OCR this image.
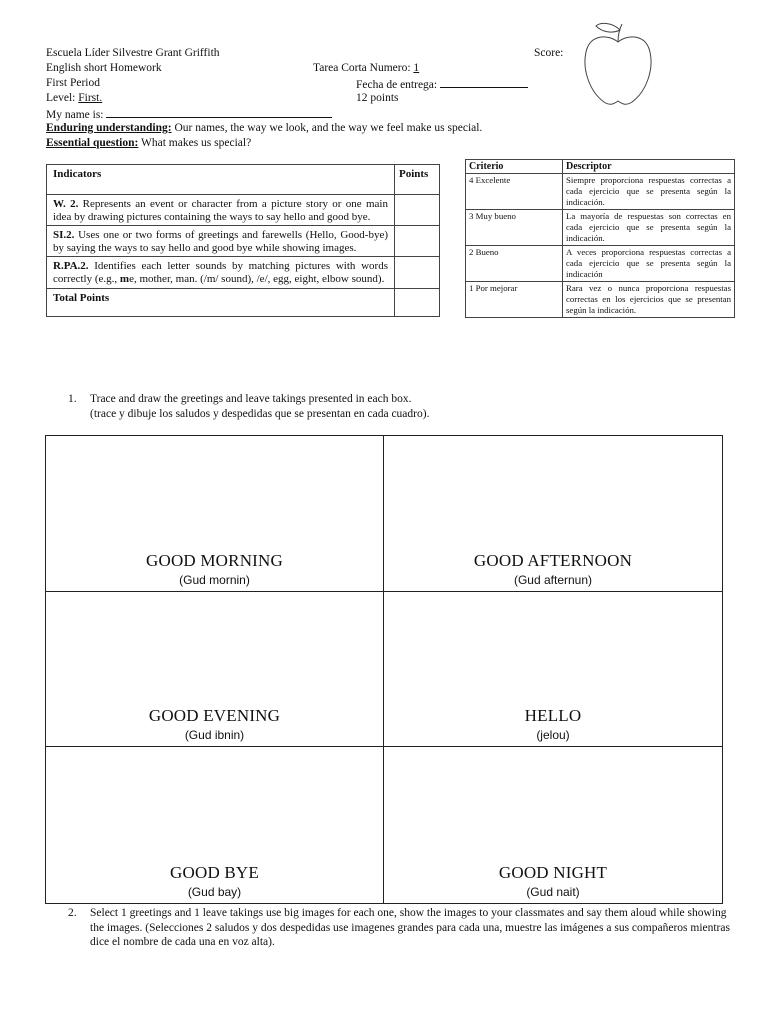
Escuela Líder Silvestre Grant Griffith	Score:
English short Homework	Tarea Corta Numero: 1
First Period	Fecha de entrega:
Level: First.	12 points
My name is:
Enduring understanding: Our names, the way we look, and the way we feel make us special.
Essential question: What makes us special?
Indicators	Points
W. 2. Represents an event or character from a picture story or one main idea by drawing pictures containing the ways to say hello and good bye.	
SI.2. Uses one or two forms of greetings and farewells (Hello, Good-bye) by saying the ways to say hello and good bye while showing images.	
R.PA.2. Identifies each letter sounds by matching pictures with words correctly (e.g., me, mother, man. (/m/ sound), /e/, egg, eight, elbow sound).	
Total Points	
Criterio	Descriptor
4 Excelente	Siempre proporciona respuestas correctas a cada ejercicio que se presenta según la indicación.
3 Muy bueno	La mayoría de respuestas son correctas en cada ejercicio que se presenta según la indicación.
2 Bueno	A veces proporciona respuestas correctas a cada ejercicio que se presenta según la indicación
1 Por mejorar	Rara vez o nunca proporciona respuestas correctas en los ejercicios que se presentan según la indicación.
1. Trace and draw the greetings and leave takings presented in each box.
(trace y dibuje los saludos y despedidas que se presentan en cada cuadro).
GOOD MORNING
(Gud mornin)
GOOD AFTERNOON
(Gud afternun)
GOOD EVENING
(Gud ibnin)
HELLO
(jelou)
GOOD BYE
(Gud bay)
GOOD NIGHT
(Gud nait)
2. Select 1 greetings and 1 leave takings use big images for each one, show the images to your classmates and say them aloud while showing the images. (Selecciones 2 saludos y dos despedidas use imagenes grandes para cada una, muestre las imágenes a sus compañeros mientras dice el nombre de cada una en voz alta).
